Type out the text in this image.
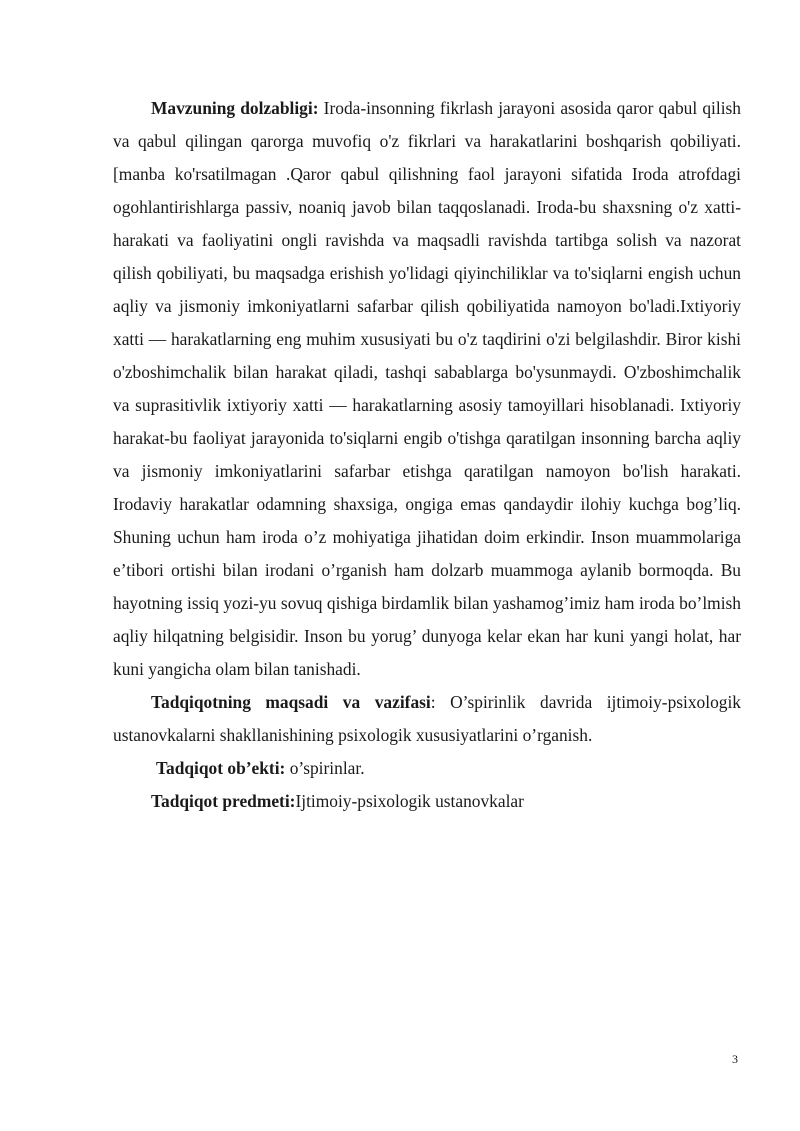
Mavzuning dolzabligi: Iroda-insonning fikrlash jarayoni asosida qaror qabul qilish va qabul qilingan qarorga muvofiq o'z fikrlari va harakatlarini boshqarish qobiliyati. [manba ko'rsatilmagan .Qaror qabul qilishning faol jarayoni sifatida Iroda atrofdagi ogohlantirishlarga passiv, noaniq javob bilan taqqoslanadi. Iroda-bu shaxsning o'z xatti-harakati va faoliyatini ongli ravishda va maqsadli ravishda tartibga solish va nazorat qilish qobiliyati, bu maqsadga erishish yo'lidagi qiyinchiliklar va to'siqlarni engish uchun aqliy va jismoniy imkoniyatlarni safarbar qilish qobiliyatida namoyon bo'ladi.Ixtiyoriy xatti — harakatlarning eng muhim xususiyati bu o'z taqdirini o'zi belgilashdir. Biror kishi o'zboshimchalik bilan harakat qiladi, tashqi sabablarga bo'ysunmaydi. O'zboshimchalik va suprasitivlik ixtiyoriy xatti — harakatlarning asosiy tamoyillari hisoblanadi. Ixtiyoriy harakat-bu faoliyat jarayonida to'siqlarni engib o'tishga qaratilgan insonning barcha aqliy va jismoniy imkoniyatlarini safarbar etishga qaratilgan namoyon bo'lish harakati. Irodaviy harakatlar odamning shaxsiga, ongiga emas qandaydir ilohiy kuchga bog’liq. Shuning uchun ham iroda o’z mohiyatiga jihatidan doim erkindir. Inson muammolariga e’tibori ortishi bilan irodani o’rganish ham dolzarb muammoga aylanib bormoqda. Bu hayotning issiq yozi-yu sovuq qishiga birdamlik bilan yashamog’imiz ham iroda bo’lmish aqliy hilqatning belgisidir. Inson bu yorug’ dunyoga kelar ekan har kuni yangi holat, har kuni yangicha olam bilan tanishadi.

Tadqiqotning maqsadi va vazifasi: O’spirinlik davrida ijtimoiy-psixologik ustanovkalarni shakllanishining psixologik xususiyatlarini o’rganish.

Tadqiqot ob’ekti: o’spirinlar.

Tadqiqot predmeti:Ijtimoiy-psixologik ustanovkalar

3
